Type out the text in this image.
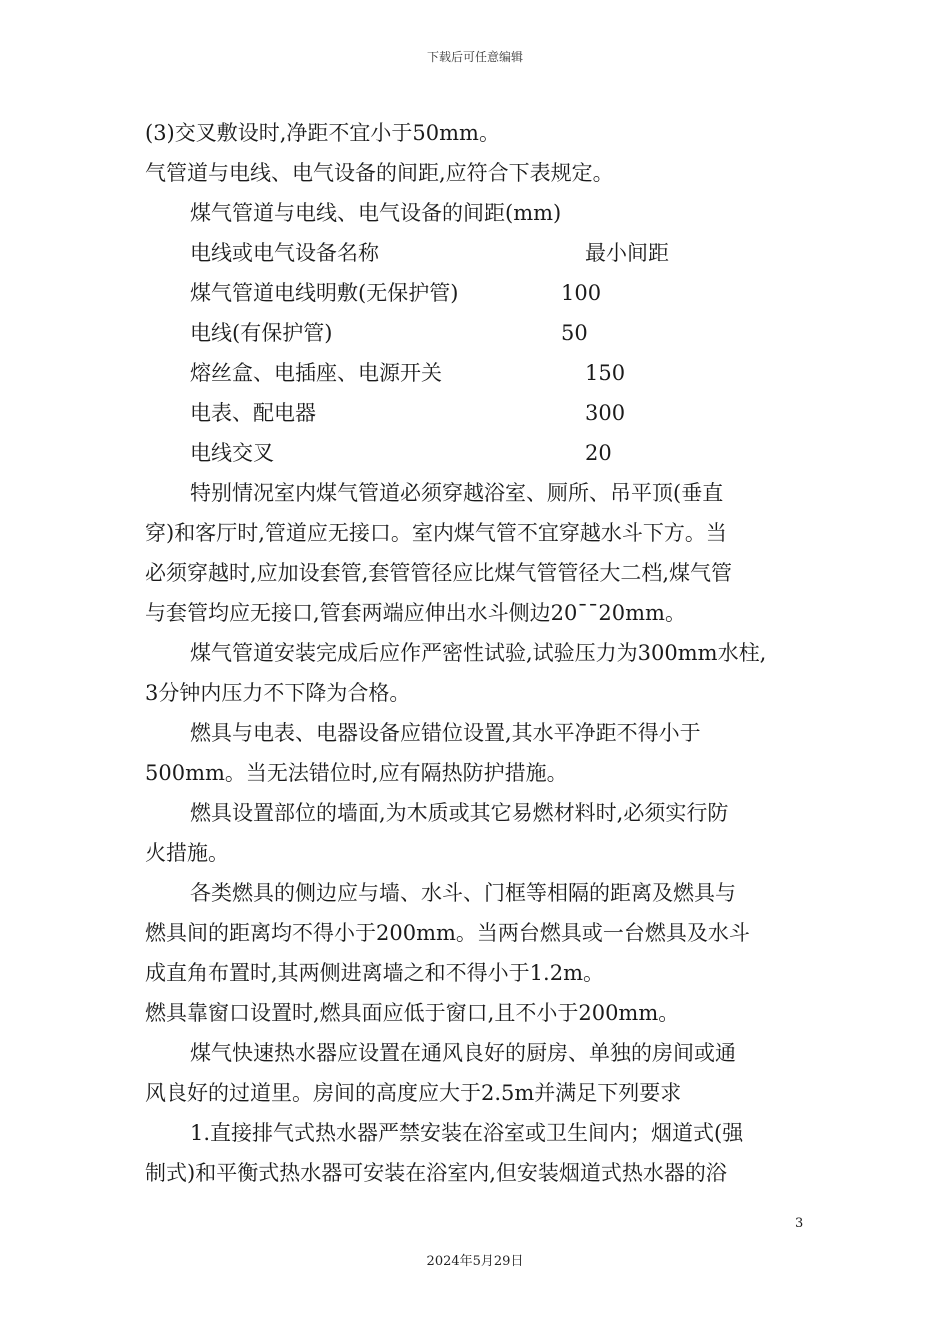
下载后可任意编辑
(3)交叉敷设时,净距不宜小于50mm。
气管道与电线、电气设备的间距,应符合下表规定。
煤气管道与电线、电气设备的间距(mm)
电线或电气设备名称	最小间距
煤气管道电线明敷(无保护管)	100
电线(有保护管)	50
熔丝盒、电插座、电源开关	150
电表、配电器	300
电线交叉	20
特别情况室内煤气管道必须穿越浴室、厕所、吊平顶(垂直
穿)和客厅时,管道应无接口。室内煤气管不宜穿越水斗下方。当
必须穿越时,应加设套管,套管管径应比煤气管管径大二档,煤气管
与套管均应无接口,管套两端应伸出水斗侧边20¯¯20mm。
煤气管道安装完成后应作严密性试验,试验压力为300mm水柱,
3分钟内压力不下降为合格。
燃具与电表、电器设备应错位设置,其水平净距不得小于
500mm。当无法错位时,应有隔热防护措施。
燃具设置部位的墙面,为木质或其它易燃材料时,必须实行防
火措施。
各类燃具的侧边应与墙、水斗、门框等相隔的距离及燃具与
燃具间的距离均不得小于200mm。当两台燃具或一台燃具及水斗
成直角布置时,其两侧进离墙之和不得小于1.2m。
燃具靠窗口设置时,燃具面应低于窗口,且不小于200mm。
煤气快速热水器应设置在通风良好的厨房、单独的房间或通
风良好的过道里。房间的高度应大于2.5m并满足下列要求
1.直接排气式热水器严禁安装在浴室或卫生间内；烟道式(强
制式)和平衡式热水器可安装在浴室内,但安装烟道式热水器的浴
3
2024年5月29日
